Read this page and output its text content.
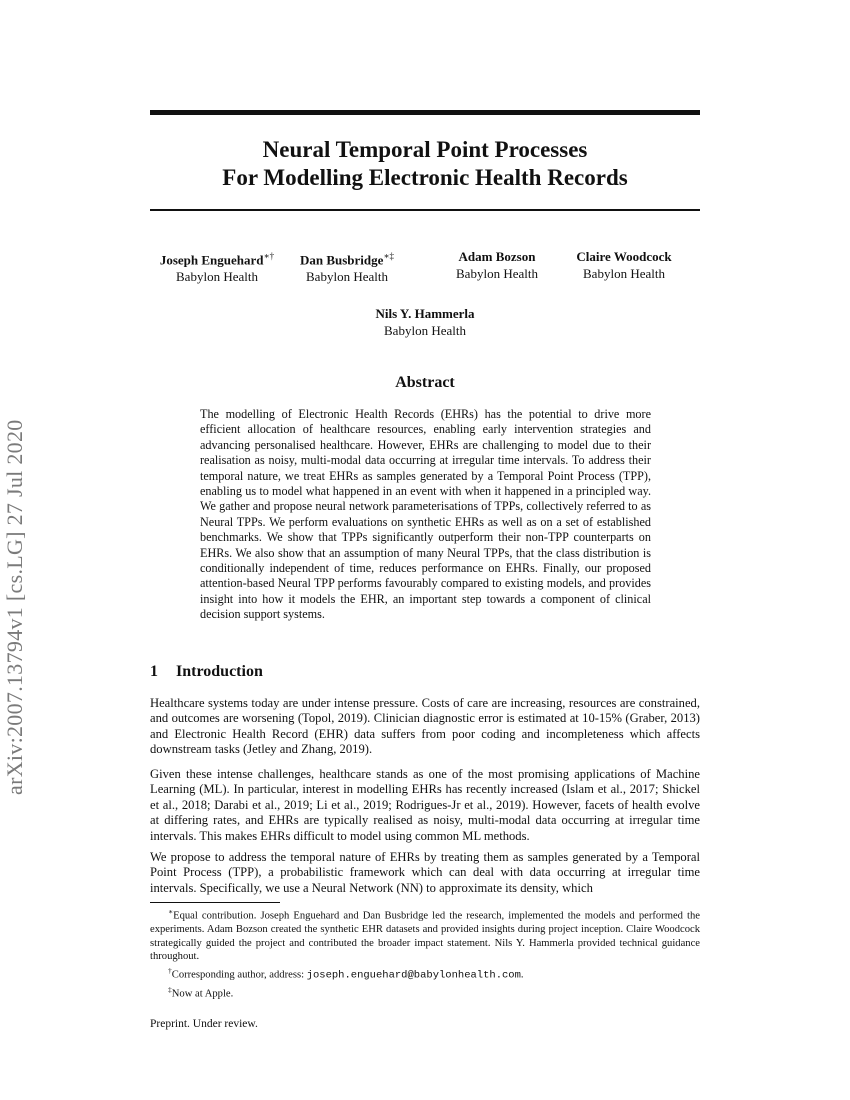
arXiv:2007.13794v1 [cs.LG] 27 Jul 2020
Neural Temporal Point Processes
For Modelling Electronic Health Records
Joseph Enguehard∗†
Babylon Health
Dan Busbridge∗‡
Babylon Health
Adam Bozson
Babylon Health
Claire Woodcock
Babylon Health
Nils Y. Hammerla
Babylon Health
Abstract

The modelling of Electronic Health Records (EHRs) has the potential to drive more efficient allocation of healthcare resources, enabling early intervention strategies and advancing personalised healthcare. However, EHRs are challenging to model due to their realisation as noisy, multi-modal data occurring at irregular time intervals. To address their temporal nature, we treat EHRs as samples generated by a Temporal Point Process (TPP), enabling us to model what happened in an event with when it happened in a principled way. We gather and propose neural network parameterisations of TPPs, collectively referred to as Neural TPPs. We perform evaluations on synthetic EHRs as well as on a set of established benchmarks. We show that TPPs significantly outperform their non-TPP counterparts on EHRs. We also show that an assumption of many Neural TPPs, that the class distribution is conditionally independent of time, reduces performance on EHRs. Finally, our proposed attention-based Neural TPP performs favourably compared to existing models, and provides insight into how it models the EHR, an important step towards a component of clinical decision support systems.

1 Introduction

Healthcare systems today are under intense pressure. Costs of care are increasing, resources are constrained, and outcomes are worsening (Topol, 2019). Clinician diagnostic error is estimated at 10-15% (Graber, 2013) and Electronic Health Record (EHR) data suffers from poor coding and incompleteness which affects downstream tasks (Jetley and Zhang, 2019).

Given these intense challenges, healthcare stands as one of the most promising applications of Machine Learning (ML). In particular, interest in modelling EHRs has recently increased (Islam et al., 2017; Shickel et al., 2018; Darabi et al., 2019; Li et al., 2019; Rodrigues-Jr et al., 2019). However, facets of health evolve at differing rates, and EHRs are typically realised as noisy, multi-modal data occurring at irregular time intervals. This makes EHRs difficult to model using common ML methods.

We propose to address the temporal nature of EHRs by treating them as samples generated by a Temporal Point Process (TPP), a probabilistic framework which can deal with data occurring at irregular time intervals. Specifically, we use a Neural Network (NN) to approximate its density, which

∗Equal contribution. Joseph Enguehard and Dan Busbridge led the research, implemented the models and performed the experiments. Adam Bozson created the synthetic EHR datasets and provided insights during project inception. Claire Woodcock strategically guided the project and contributed the broader impact statement. Nils Y. Hammerla provided technical guidance throughout.

†Corresponding author, address: joseph.enguehard@babylonhealth.com.

‡Now at Apple.

Preprint. Under review.
